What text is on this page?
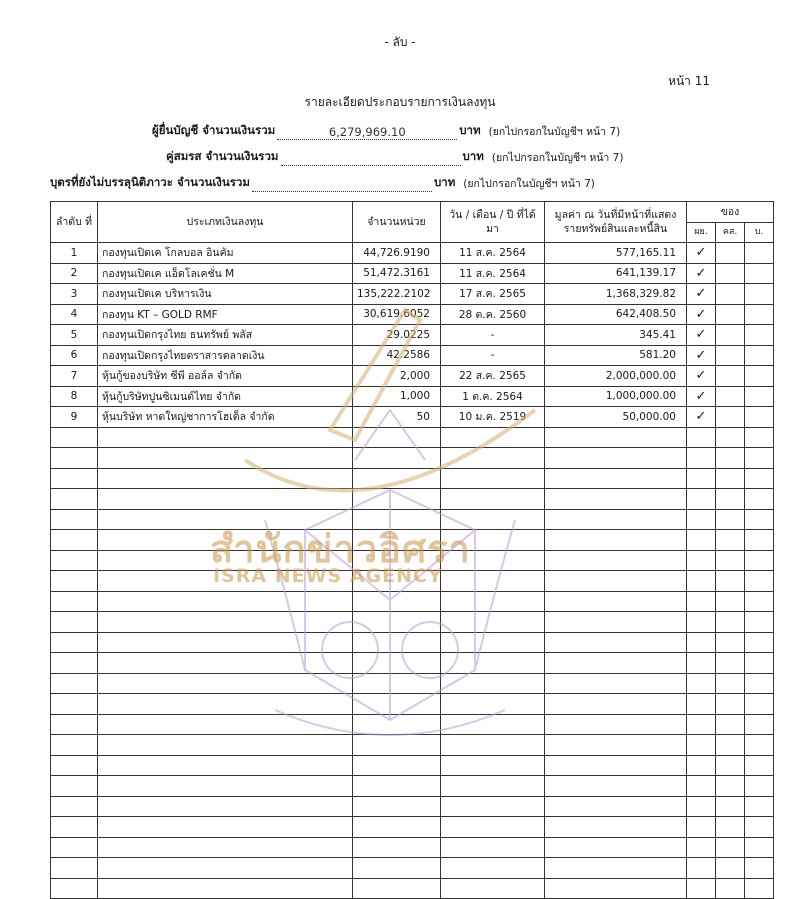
- ลับ -
หน้า 11
รายละเอียดประกอบรายการเงินลงทุน
ผู้ยื่นบัญชี จำนวนเงินรวม	6,279,969.10	บาท (ยกไปกรอกในบัญชีฯ หน้า 7)
คู่สมรส จำนวนเงินรวม	บาท (ยกไปกรอกในบัญชีฯ หน้า 7)
บุตรที่ยังไม่บรรลุนิติภาวะ จำนวนเงินรวม	บาท (ยกไปกรอกในบัญชีฯ หน้า 7)
ลำดับ ที่	ประเภทเงินลงทุน	จำนวนหน่วย	วัน / เดือน / ปี ที่ได้มา	มูลค่า ณ วันที่มีหน้าที่แสดง รายทรัพย์สินและหนี้สิน	ของ		
					ผย.	คส.	บ.
1	กองทุนเปิดเค โกลบอล อินคัม	44,726.9190	11 ส.ค. 2564	577,165.11	✓		
2	กองทุนเปิดเค แอ็ดโลเคชั่น M	51,472.3161	11 ส.ค. 2564	641,139.17	✓		
3	กองทุนเปิดเค บริหารเงิน	135,222.2102	17 ส.ค. 2565	1,368,329.82	✓		
4	กองทุน KT – GOLD RMF	30,619.6052	28 ต.ค. 2560	642,408.50	✓		
5	กองทุนเปิดกรุงไทย ธนทรัพย์ พลัส	29.0225	-	345.41	✓		
6	กองทุนเปิดกรุงไทยตราสารตลาดเงิน	42.2586	-	581.20	✓		
7	หุ้นกู้ของบริษัท ซีพี ออล์ล จำกัด	2,000	22 ส.ค. 2565	2,000,000.00	✓		
8	หุ้นกู้บริษัทปูนซิเมนต์ไทย จำกัด	1,000	1 ต.ค. 2564	1,000,000.00	✓		
9	หุ้นบริษัท หาดใหญ่ชาการโฮเต็ล จำกัด	50	10 ม.ค. 2519	50,000.00	✓		

สำนักข่าวอิศรา
ISRA NEWS AGENCY
